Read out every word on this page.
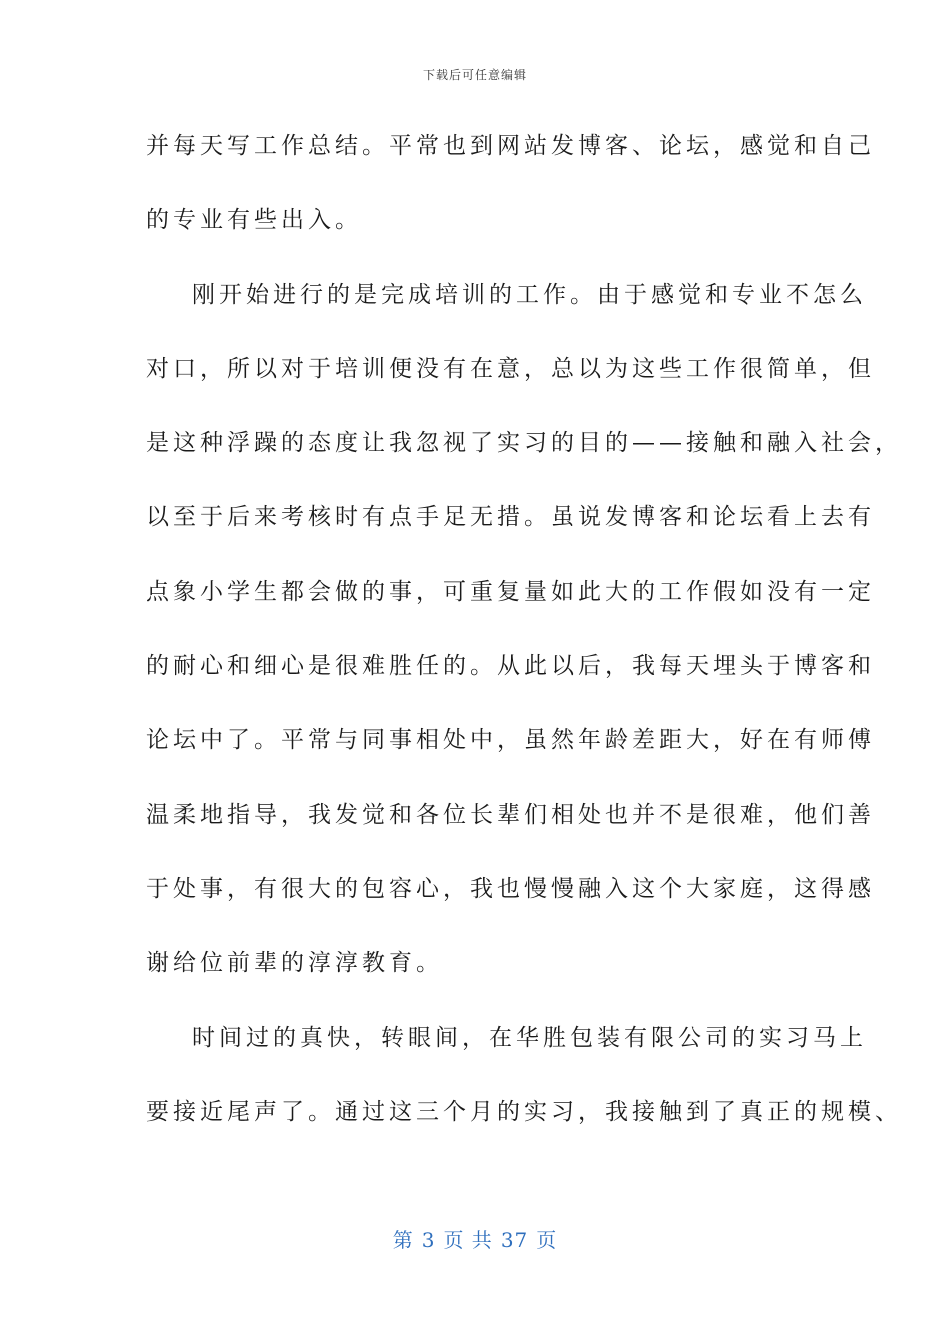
下载后可任意编辑
并每天写工作总结。平常也到网站发博客、论坛，感觉和自己
的专业有些出入。
刚开始进行的是完成培训的工作。由于感觉和专业不怎么
对口，所以对于培训便没有在意，总以为这些工作很简单，但
是这种浮躁的态度让我忽视了实习的目的——接触和融入社会，
以至于后来考核时有点手足无措。虽说发博客和论坛看上去有
点象小学生都会做的事，可重复量如此大的工作假如没有一定
的耐心和细心是很难胜任的。从此以后，我每天埋头于博客和
论坛中了。平常与同事相处中，虽然年龄差距大，好在有师傅
温柔地指导，我发觉和各位长辈们相处也并不是很难，他们善
于处事，有很大的包容心，我也慢慢融入这个大家庭，这得感
谢给位前辈的淳淳教育。
时间过的真快，转眼间，在华胜包装有限公司的实习马上
要接近尾声了。通过这三个月的实习，我接触到了真正的规模、
第 3 页 共 37 页
